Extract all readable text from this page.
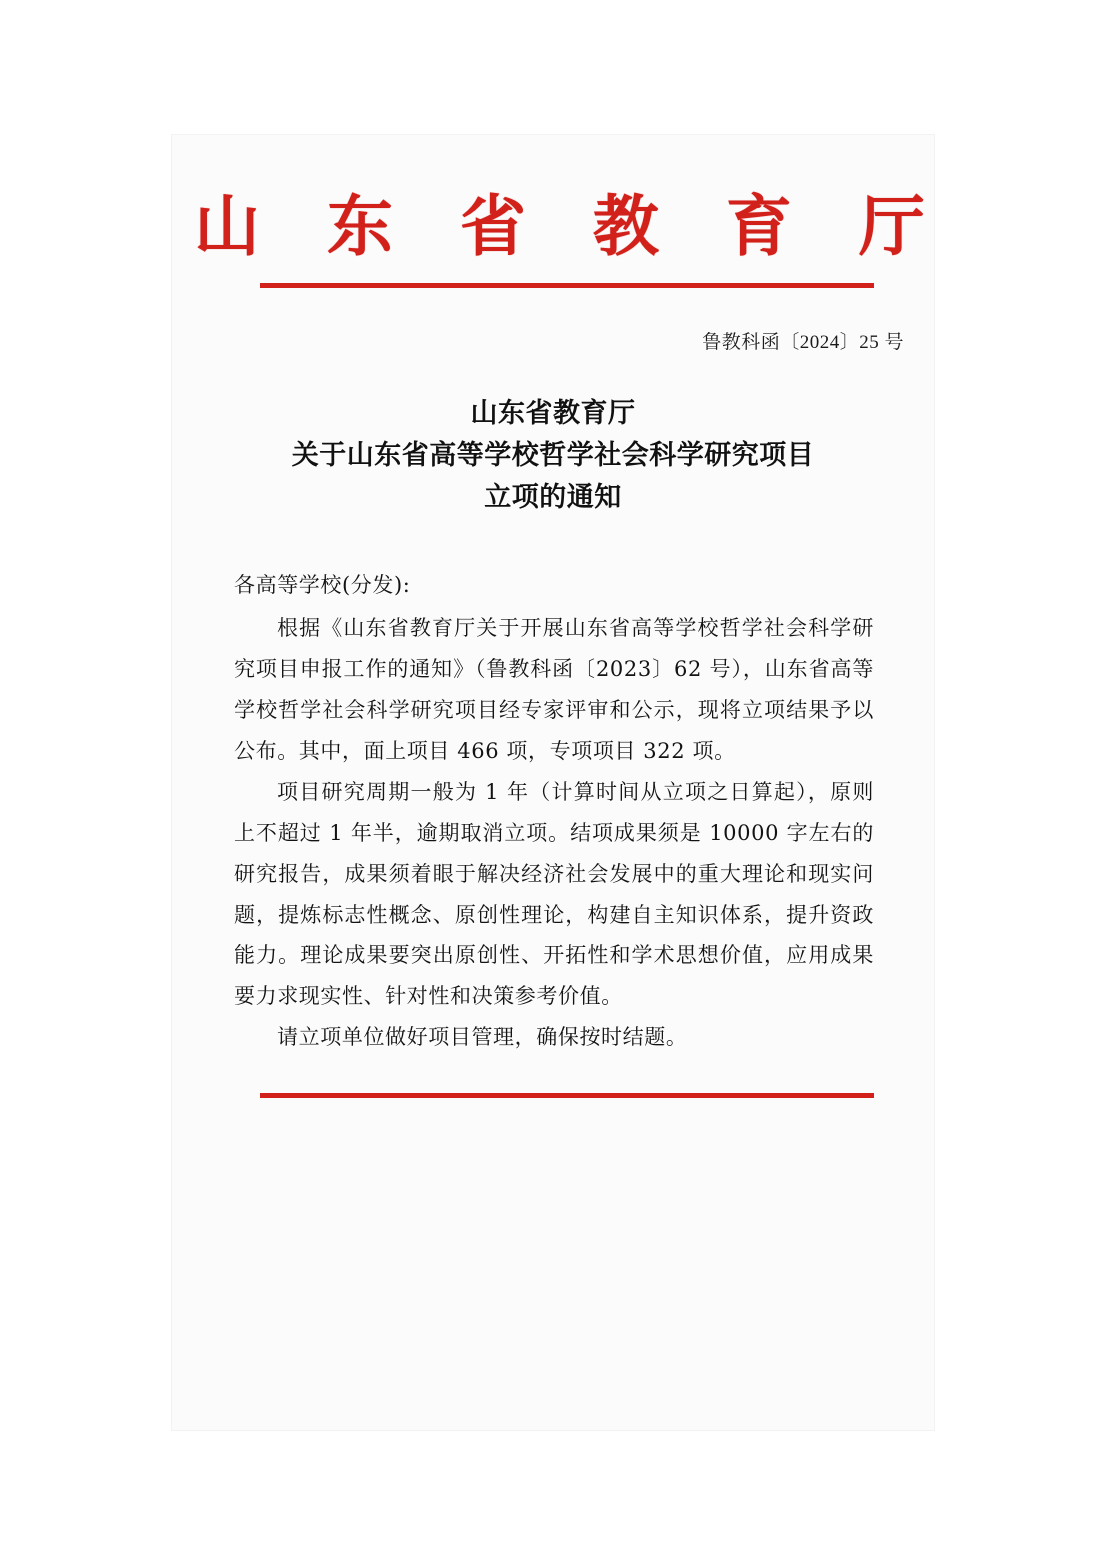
山 东 省 教 育 厅
鲁教科函〔2024〕25 号
山东省教育厅
关于山东省高等学校哲学社会科学研究项目
立项的通知

各高等学校(分发):

根据《山东省教育厅关于开展山东省高等学校哲学社会科学研究项目申报工作的通知》（鲁教科函〔2023〕62 号），山东省高等学校哲学社会科学研究项目经专家评审和公示，现将立项结果予以公布。其中，面上项目 466 项，专项项目 322 项。

项目研究周期一般为 1 年（计算时间从立项之日算起），原则上不超过 1 年半，逾期取消立项。结项成果须是 10000 字左右的研究报告，成果须着眼于解决经济社会发展中的重大理论和现实问题，提炼标志性概念、原创性理论，构建自主知识体系，提升资政能力。理论成果要突出原创性、开拓性和学术思想价值，应用成果要力求现实性、针对性和决策参考价值。

请立项单位做好项目管理，确保按时结题。
